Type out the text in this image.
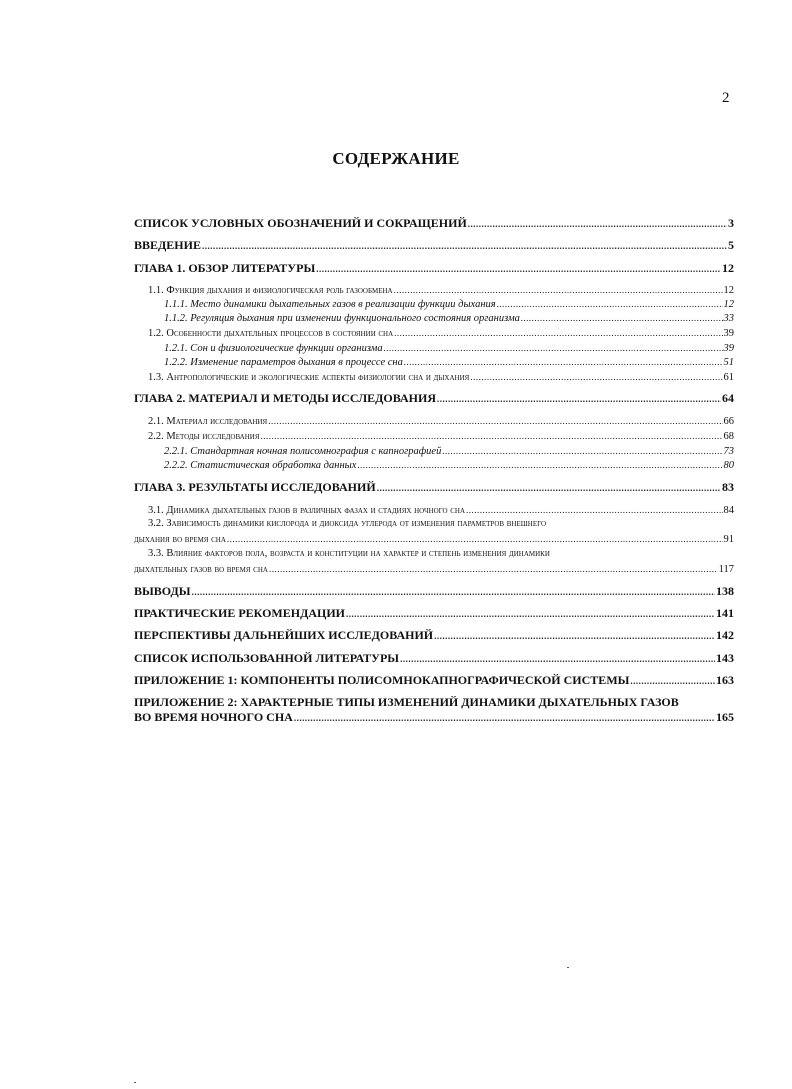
2
СОДЕРЖАНИЕ
СПИСОК УСЛОВНЫХ ОБОЗНАЧЕНИЙ И СОКРАЩЕНИЙ .....	3
ВВЕДЕНИЕ .....	5
ГЛАВА 1. ОБЗОР ЛИТЕРАТУРЫ .....	12
1.1. Функция дыхания и физиологическая роль газообмена .....	12
1.1.1. Место динамики дыхательных газов в реализации функции дыхания .....	12
1.1.2. Регуляция дыхания при изменении функционального состояния организма .....	33
1.2. Особенности дыхательных процессов в состоянии сна .....	39
1.2.1. Сон и физиологические функции организма .....	39
1.2.2. Изменение параметров дыхания в процессе сна .....	51
1.3. Антропологические и экологические аспекты физиологии сна и дыхания .....	61
ГЛАВА 2. МАТЕРИАЛ И МЕТОДЫ ИССЛЕДОВАНИЯ .....	64
2.1. Материал исследования .....	66
2.2. Методы исследования .....	68
2.2.1. Стандартная ночная полисомнография с капнографией .....	73
2.2.2. Статистическая обработка данных .....	80
ГЛАВА 3. РЕЗУЛЬТАТЫ ИССЛЕДОВАНИЙ .....	83
3.1. Динамика дыхательных газов в различных фазах и стадиях ночного сна .....	84
3.2. Зависимость динамики кислорода и диоксида углерода от изменения параметров внешнего
дыхания во время сна .....	91
3.3. Влияние факторов пола, возраста и конституции на характер и степень изменения динамики
дыхательных газов во время сна .....	117
ВЫВОДЫ .....	138
ПРАКТИЧЕСКИЕ РЕКОМЕНДАЦИИ .....	141
ПЕРСПЕКТИВЫ ДАЛЬНЕЙШИХ ИССЛЕДОВАНИЙ .....	142
СПИСОК ИСПОЛЬЗОВАННОЙ ЛИТЕРАТУРЫ .....	143
ПРИЛОЖЕНИЕ 1: КОМПОНЕНТЫ ПОЛИСОМНОКАПНОГРАФИЧЕСКОЙ СИСТЕМЫ .....	163
ПРИЛОЖЕНИЕ 2: ХАРАКТЕРНЫЕ ТИПЫ ИЗМЕНЕНИЙ ДИНАМИКИ ДЫХАТЕЛЬНЫХ ГАЗОВ
ВО ВРЕМЯ НОЧНОГО СНА .....	165
